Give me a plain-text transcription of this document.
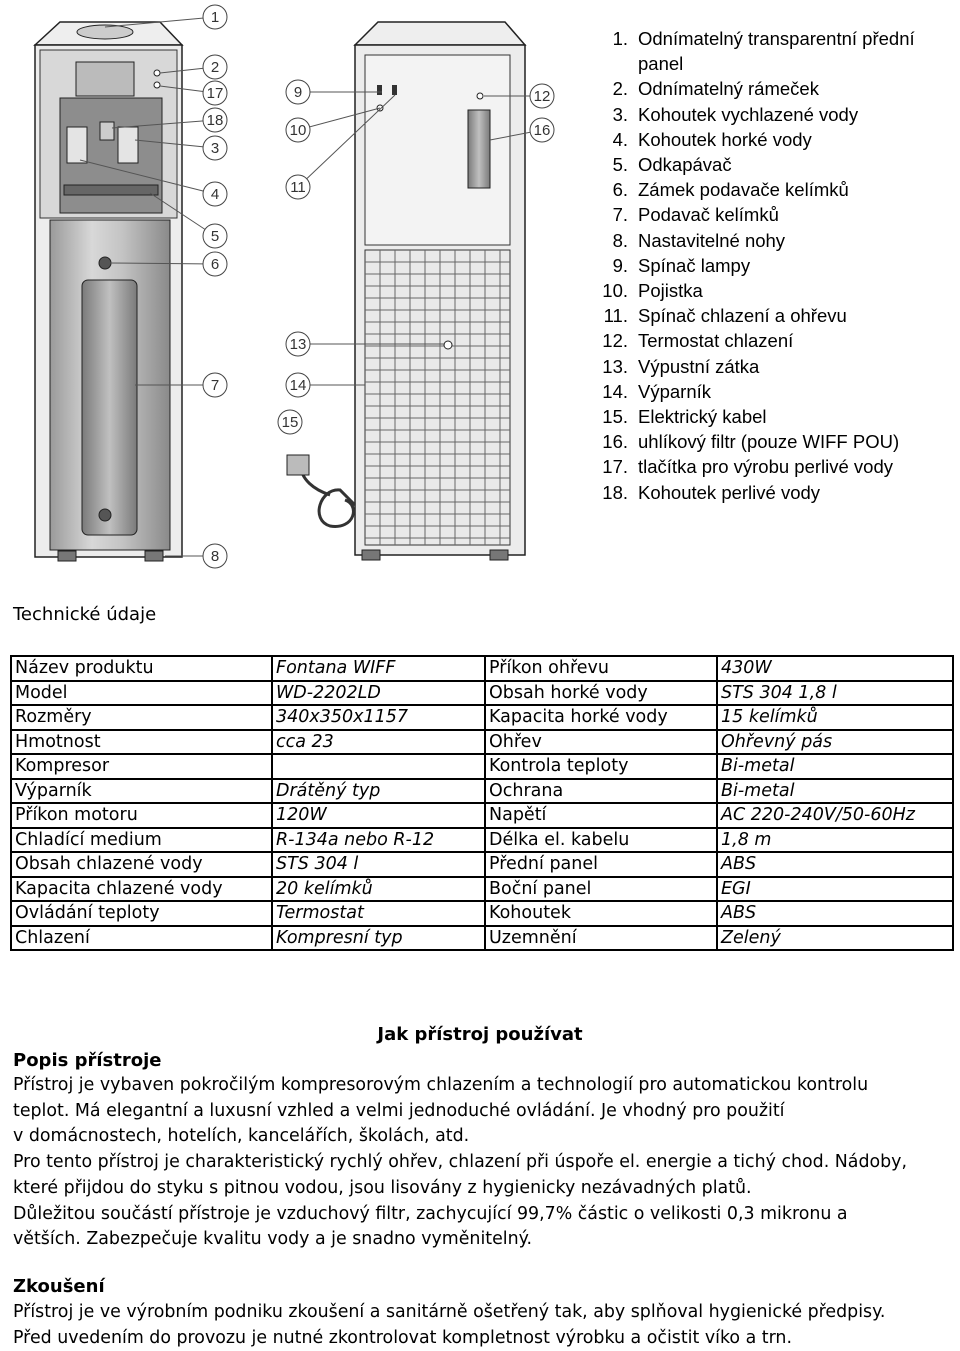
1
2
17
18
3
4
5
6
7
8
9
10
11
13
14
15
12
16
1. Odnímatelný transparentní přední panel
2. Odnímatelný rámeček
3. Kohoutek vychlazené vody
4. Kohoutek horké vody
5. Odkapávač
6. Zámek podavače kelímků
7. Podavač kelímků
8. Nastavitelné nohy
9. Spínač lampy
10. Pojistka
11. Spínač chlazení a ohřevu
12. Termostat chlazení
13. Výpustní zátka
14. Výparník
15. Elektrický kabel
16. uhlíkový filtr (pouze WIFF POU)
17. tlačítka pro výrobu perlivé vody
18. Kohoutek perlivé vody
Technické údaje
Název produktu	Fontana WIFF	Příkon ohřevu	430W
Model	WD-2202LD	Obsah horké vody	STS 304 1,8 l
Rozměry	340x350x1157	Kapacita horké vody	15 kelímků
Hmotnost	cca 23	Ohřev	Ohřevný pás
Kompresor		Kontrola teploty	Bi-metal
Výparník	Drátěný typ	Ochrana	Bi-metal
Příkon motoru	120W	Napětí	AC 220-240V/50-60Hz
Chladící medium	R-134a nebo R-12	Délka el. kabelu	1,8 m
Obsah chlazené vody	STS 304 l	Přední panel	ABS
Kapacita chlazené vody	20 kelímků	Boční panel	EGI
Ovládání teploty	Termostat	Kohoutek	ABS
Chlazení	Kompresní typ	Uzemnění	Zelený
Jak přístroj používat
Popis přístroje
Přístroj je vybaven pokročilým kompresorovým chlazením a technologií pro automatickou kontrolu
teplot. Má elegantní a luxusní vzhled a velmi jednoduché ovládání. Je vhodný pro použití
v domácnostech, hotelích, kancelářích, školách, atd.
Pro tento přístroj je charakteristický rychlý ohřev, chlazení při úspoře el. energie a tichý chod. Nádoby,
které přijdou do styku s pitnou vodou, jsou lisovány z hygienicky nezávadných platů.
Důležitou součástí přístroje je vzduchový filtr, zachycující 99,7% částic o velikosti 0,3 mikronu a
větších. Zabezpečuje kvalitu vody a je snadno vyměnitelný.
Zkoušení
Přístroj je ve výrobním podniku zkoušení a sanitárně ošetřený tak, aby splňoval hygienické předpisy.
Před uvedením do provozu je nutné zkontrolovat kompletnost výrobku a očistit víko a trn.
